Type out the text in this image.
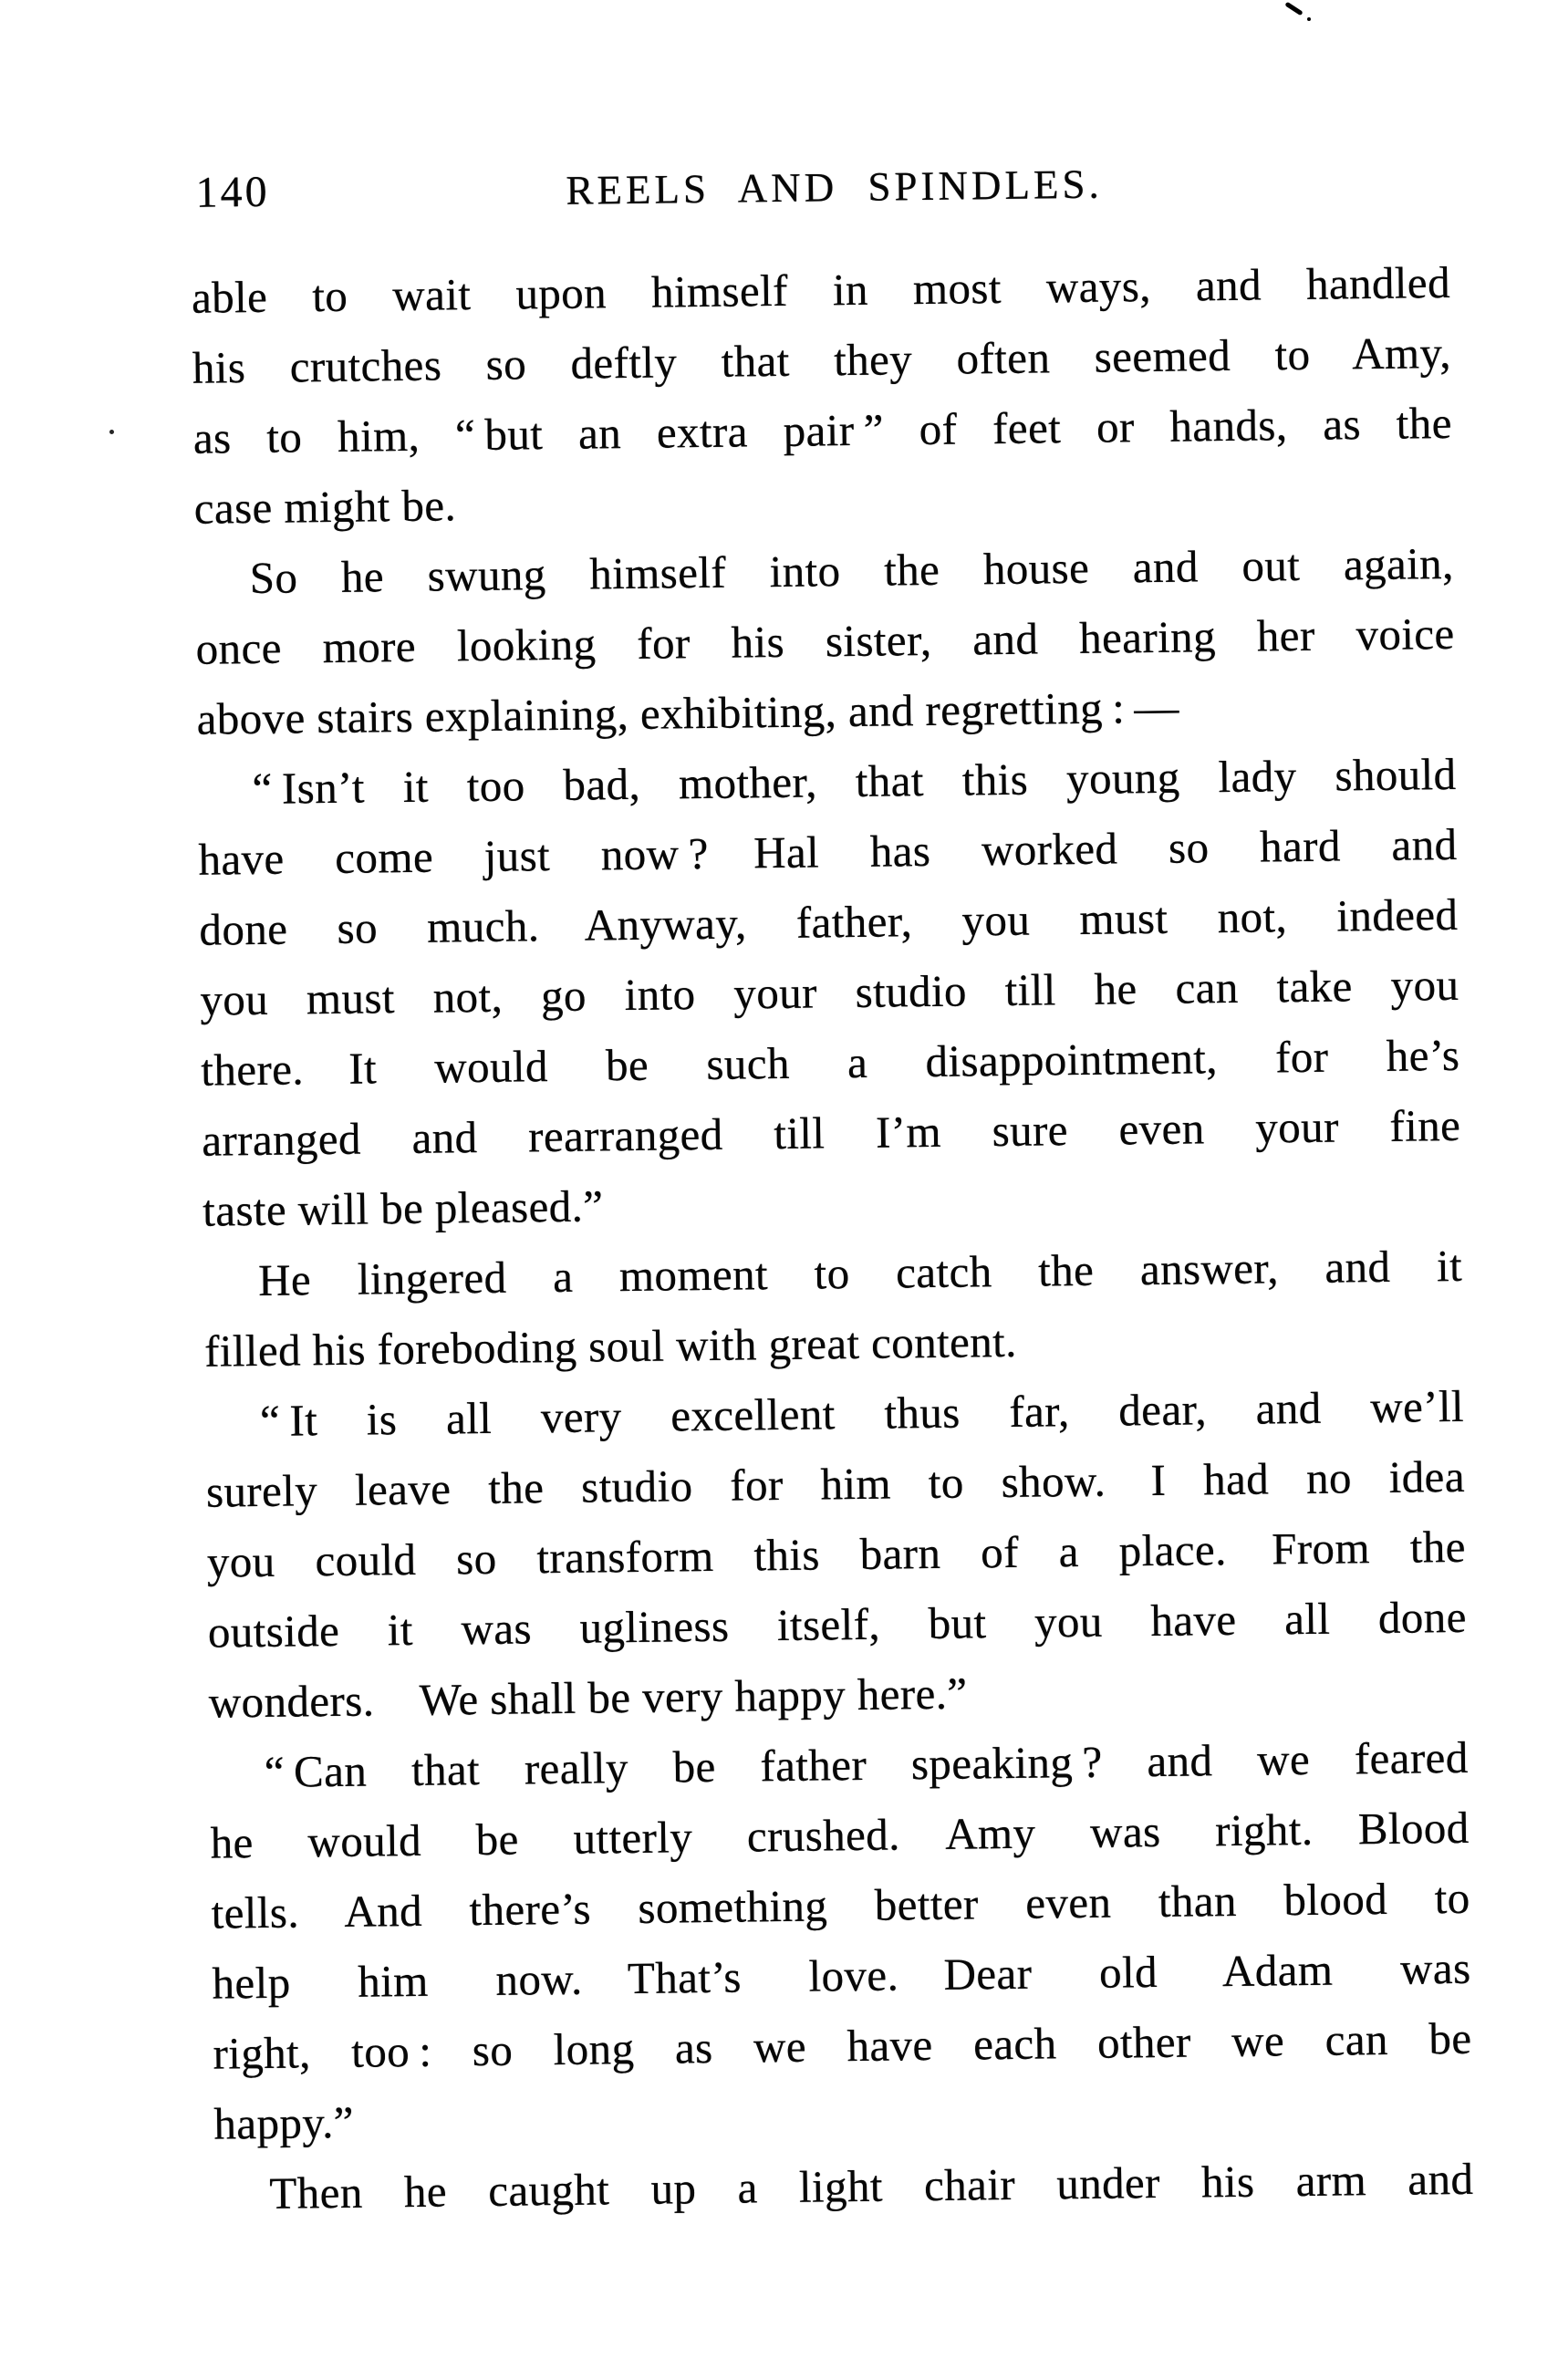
140	REELS AND SPINDLES.
able to wait upon himself in most ways, and handled
his crutches so deftly that they often seemed to Amy,
as to him, “ but an extra pair ” of feet or hands, as the
case might be.
So he swung himself into the house and out again,
once more looking for his sister, and hearing her voice
above stairs explaining, exhibiting, and regretting : —
“ Isn’t it too bad, mother, that this young lady should
have come just now ? Hal has worked so hard and
done so much. Anyway, father, you must not, indeed
you must not, go into your studio till he can take you
there. It would be such a disappointment, for he’s
arranged and rearranged till I’m sure even your fine
taste will be pleased.”
He lingered a moment to catch the answer, and it
filled his foreboding soul with great content.
“ It is all very excellent thus far, dear, and we’ll
surely leave the studio for him to show. I had no idea
you could so transform this barn of a place. From the
outside it was ugliness itself, but you have all done
wonders. We shall be very happy here.”
“ Can that really be father speaking ? and we feared
he would be utterly crushed. Amy was right. Blood
tells. And there’s something better even than blood to
help him now. That’s love. Dear old Adam was
right, too : so long as we have each other we can be
happy.”
Then he caught up a light chair under his arm and
